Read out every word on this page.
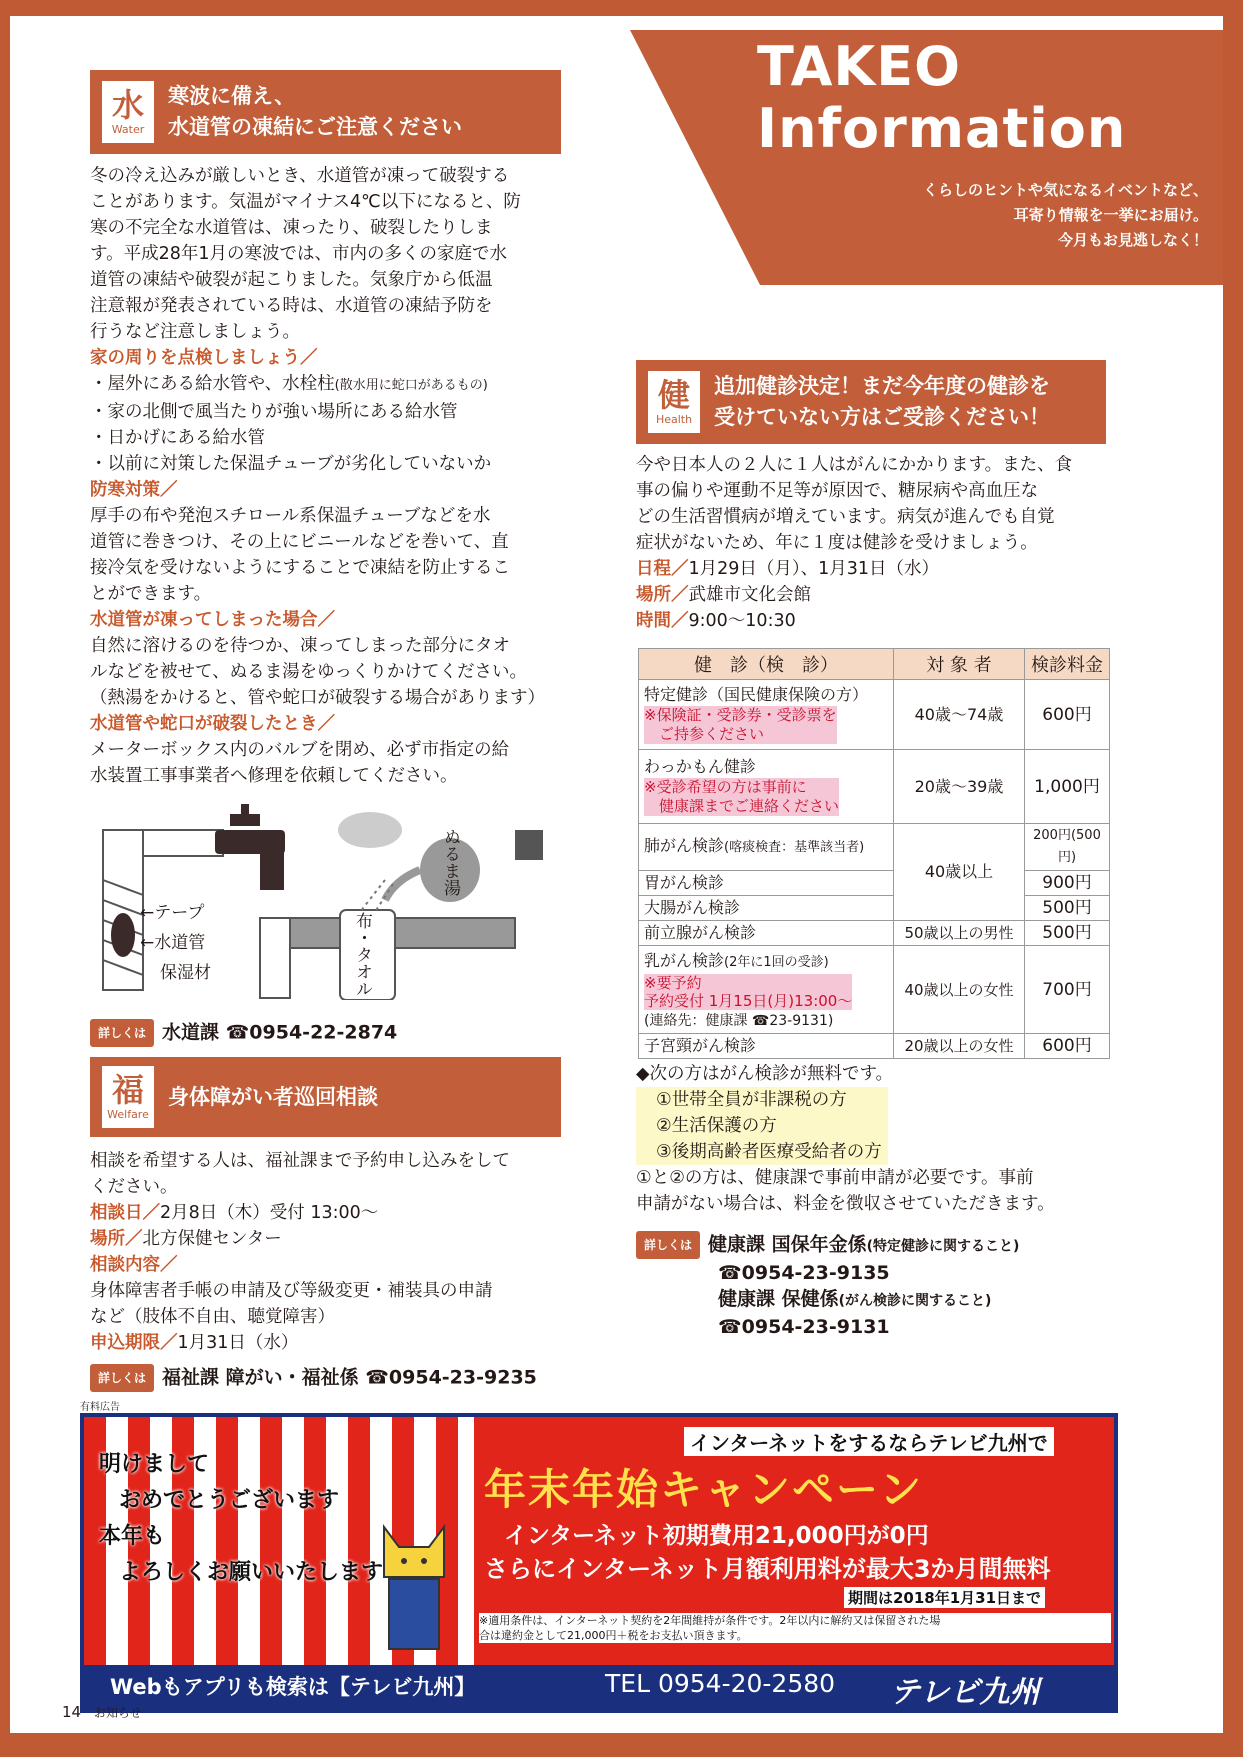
TAKEO
Information
くらしのヒントや気になるイベントなど、
耳寄り情報を一挙にお届け。
今月もお見逃しなく！
水
Water
寒波に備え、
水道管の凍結にご注意ください

冬の冷え込みが厳しいとき、水道管が凍って破裂する

ことがあります。気温がマイナス4℃以下になると、防

寒の不完全な水道管は、凍ったり、破裂したりしま

す。平成28年1月の寒波では、市内の多くの家庭で水

道管の凍結や破裂が起こりました。気象庁から低温

注意報が発表されている時は、水道管の凍結予防を

行うなど注意しましょう。

家の周りを点検しましょう／

・屋外にある給水管や、水栓柱(散水用に蛇口があるもの)

・家の北側で風当たりが強い場所にある給水管

・日かげにある給水管

・以前に対策した保温チューブが劣化していないか

防寒対策／

厚手の布や発泡スチロール系保温チューブなどを水

道管に巻きつけ、その上にビニールなどを巻いて、直

接冷気を受けないようにすることで凍結を防止するこ

とができます。

水道管が凍ってしまった場合／

自然に溶けるのを待つか、凍ってしまった部分にタオ

ルなどを被せて、ぬるま湯をゆっくりかけてください。

（熱湯をかけると、管や蛇口が破裂する場合があります）

水道管や蛇口が破裂したとき／

メーターボックス内のバルブを閉め、必ず市指定の給

水装置工事事業者へ修理を依頼してください。

←テープ
←水道管
保湿材	布・タオル
ぬるま湯
詳しくは 水道課 ☎0954-22-2874
福
Welfare
身体障がい者巡回相談

相談を希望する人は、福祉課まで予約申し込みをして

ください。

相談日／2月8日（木）受付 13:00〜

場所／北方保健センター

相談内容／

身体障害者手帳の申請及び等級変更・補装具の申請

など（肢体不自由、聴覚障害）

申込期限／1月31日（水）

詳しくは 福祉課 障がい・福祉係 ☎0954-23-9235
健
Health
追加健診決定！まだ今年度の健診を
受けていない方はご受診ください！

今や日本人の２人に１人はがんにかかります。また、食

事の偏りや運動不足等が原因で、糖尿病や高血圧な

どの生活習慣病が増えています。病気が進んでも自覚

症状がないため、年に１度は健診を受けましょう。

日程／1月29日（月）、1月31日（水）

場所／武雄市文化会館

時間／9:00〜10:30

健　診（検　診）	対 象 者	検診料金

特定健診（国民健康保険の方）
※保険証・受診券・受診票を
　ご持参ください	40歳〜74歳	600円

わっかもん健診
※受診希望の方は事前に
　健康課までご連絡ください	20歳〜39歳	1,000円
肺がん検診(喀痰検査：基準該当者)	40歳以上	200円(500円)
胃がん検診		900円
大腸がん検診		500円
前立腺がん検診	50歳以上の男性	500円

乳がん検診(2年に1回の受診)
※要予約
予約受付 1月15日(月)13:00〜
(連絡先：健康課 ☎23-9131)	40歳以上の女性	700円
子宮頸がん検診	20歳以上の女性	600円

◆次の方はがん検診が無料です。

①世帯全員が非課税の方

②生活保護の方

③後期高齢者医療受給者の方

①と②の方は、健康課で事前申請が必要です。事前

申請がない場合は、料金を徴収させていただきます。

詳しくは 健康課 国保年金係(特定健診に関すること)
☎0954-23-9135
健康課 保健係(がん検診に関すること)
☎0954-23-9131
有料広告
明けまして
おめでとうございます
本年も
よろしくお願いいたします
インターネットをするならテレビ九州で
年末年始キャンペーン
インターネット初期費用21,000円が0円
さらにインターネット月額利用料が最大3か月間無料
期間は2018年1月31日まで
※適用条件は、インターネット契約を2年間維持が条件です。2年以内に解約又は保留された場
合は違約金として21,000円＋税をお支払い頂きます。
Webもアプリも検索は【テレビ九州】	TEL 0954-20-2580 テレビ九州
14 お知らせ
